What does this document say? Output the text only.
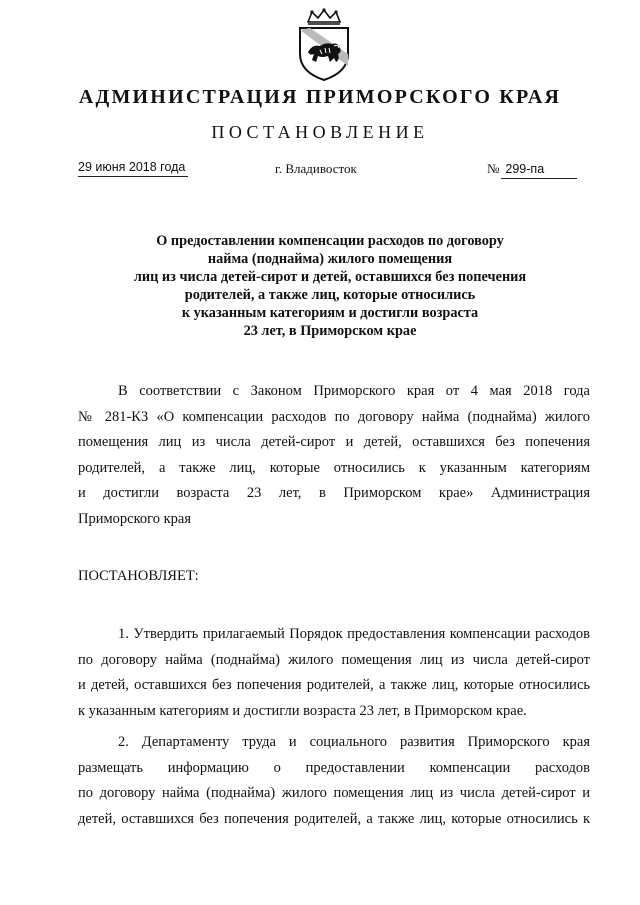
АДМИНИСТРАЦИЯ ПРИМОРСКОГО КРАЯ
ПОСТАНОВЛЕНИЕ
29 июня 2018 года	г. Владивосток	№ 299-па
О предоставлении компенсации расходов по договору
найма (поднайма) жилого помещения
лиц из числа детей-сирот и детей, оставшихся без попечения
родителей, а также лиц, которые относились
к указанным категориям и достигли возраста
23 лет, в Приморском крае
В соответствии с Законом Приморского края от 4 мая 2018 года
№ 281-КЗ «О компенсации расходов по договору найма (поднайма) жилого
помещения лиц из числа детей-сирот и детей, оставшихся без попечения
родителей, а также лиц, которые относились к указанным категориям
и достигли возраста 23 лет, в Приморском крае» Администрация
Приморского края
ПОСТАНОВЛЯЕТ:
1. Утвердить прилагаемый Порядок предоставления компенсации расходов
по договору найма (поднайма) жилого помещения лиц из числа детей-сирот
и детей, оставшихся без попечения родителей, а также лиц, которые относились
к указанным категориям и достигли возраста 23 лет, в Приморском крае.
2. Департаменту труда и социального развития Приморского края
размещать информацию о предоставлении компенсации расходов
по договору найма (поднайма) жилого помещения лиц из числа детей-сирот и
детей, оставшихся без попечения родителей, а также лиц, которые относились к
